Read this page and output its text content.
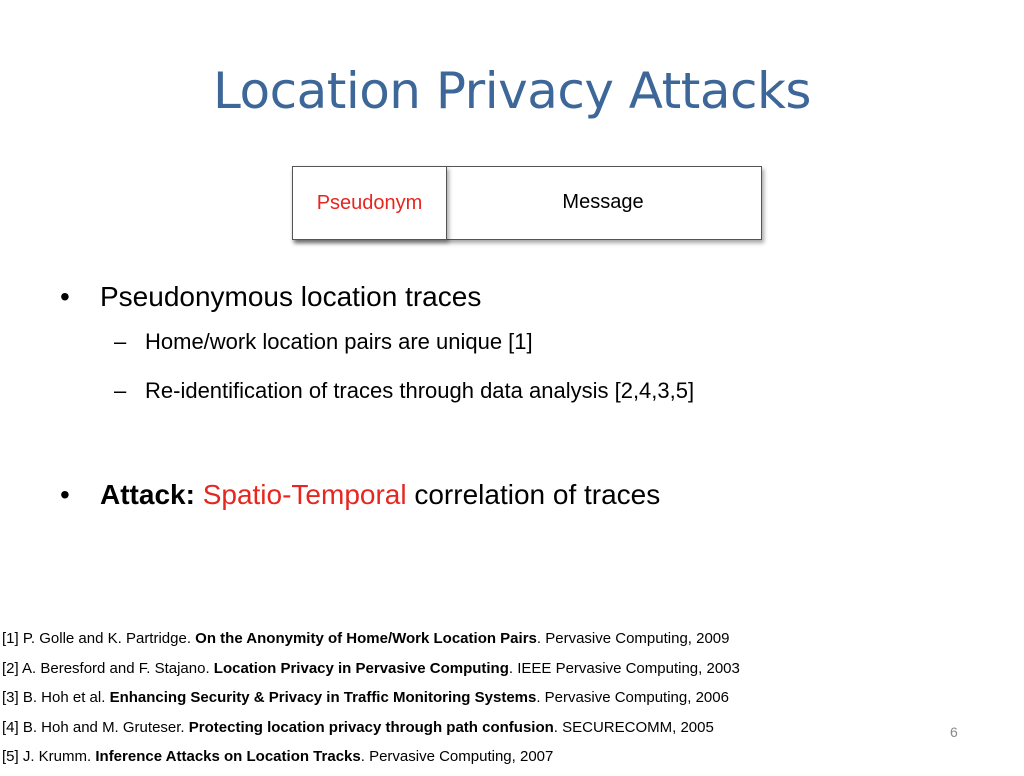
Location Privacy Attacks
Message
Pseudonym
• Pseudonymous location traces
– Home/work location pairs are unique [1]
– Re-identification of traces through data analysis [2,4,3,5]
• Attack: Spatio-Temporal correlation of traces
[1] P. Golle and K. Partridge. On the Anonymity of Home/Work Location Pairs. Pervasive Computing, 2009
[2] A. Beresford and F. Stajano. Location Privacy in Pervasive Computing. IEEE Pervasive Computing, 2003
[3] B. Hoh et al. Enhancing Security & Privacy in Traffic Monitoring Systems. Pervasive Computing, 2006
[4] B. Hoh and M. Gruteser. Protecting location privacy through path confusion. SECURECOMM, 2005
[5] J. Krumm. Inference Attacks on Location Tracks. Pervasive Computing, 2007
6
